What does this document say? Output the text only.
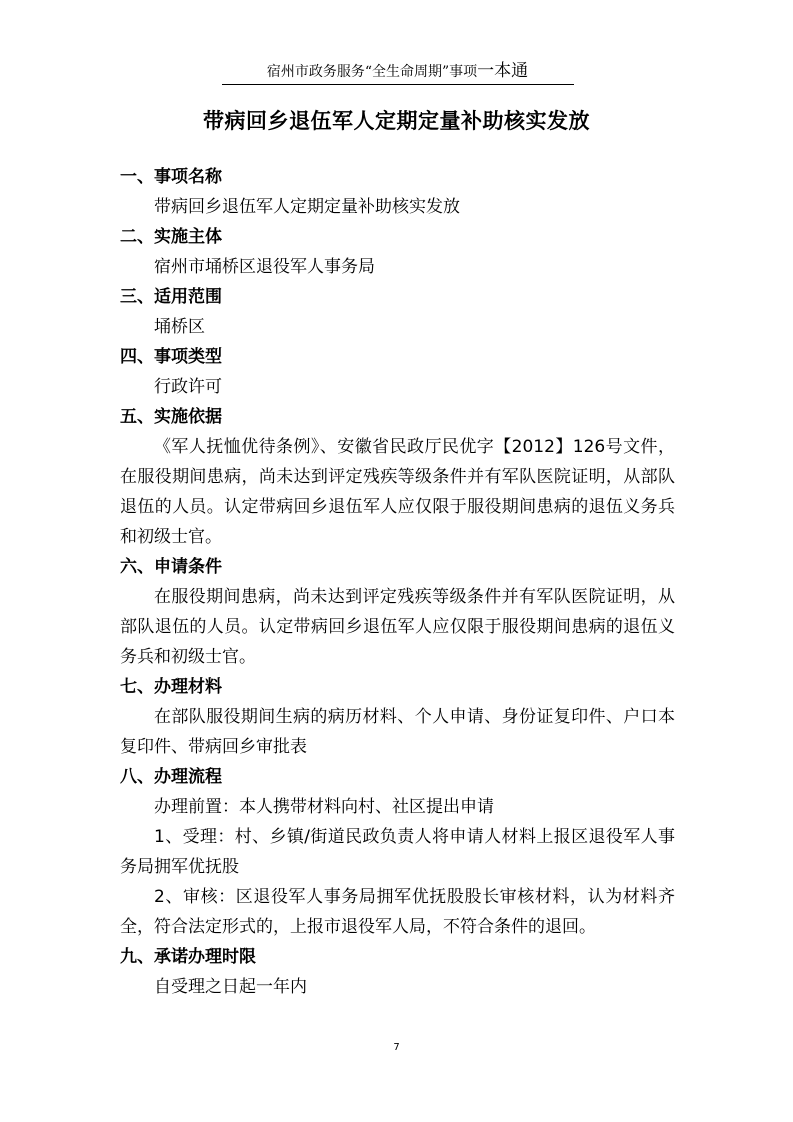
宿州市政务服务“全生命周期”事项一本通
带病回乡退伍军人定期定量补助核实发放
一、事项名称
带病回乡退伍军人定期定量补助核实发放
二、实施主体
宿州市埇桥区退役军人事务局
三、适用范围
埇桥区
四、事项类型
行政许可
五、实施依据
《军人抚恤优待条例》、安徽省民政厅民优字【2012】126号文件，在服役期间患病，尚未达到评定残疾等级条件并有军队医院证明，从部队退伍的人员。认定带病回乡退伍军人应仅限于服役期间患病的退伍义务兵和初级士官。
六、申请条件
在服役期间患病，尚未达到评定残疾等级条件并有军队医院证明，从部队退伍的人员。认定带病回乡退伍军人应仅限于服役期间患病的退伍义务兵和初级士官。
七、办理材料
在部队服役期间生病的病历材料、个人申请、身份证复印件、户口本复印件、带病回乡审批表
八、办理流程
办理前置：本人携带材料向村、社区提出申请
1、受理：村、乡镇/街道民政负责人将申请人材料上报区退役军人事务局拥军优抚股
2、审核：区退役军人事务局拥军优抚股股长审核材料，认为材料齐全，符合法定形式的，上报市退役军人局，不符合条件的退回。
九、承诺办理时限
自受理之日起一年内
7
